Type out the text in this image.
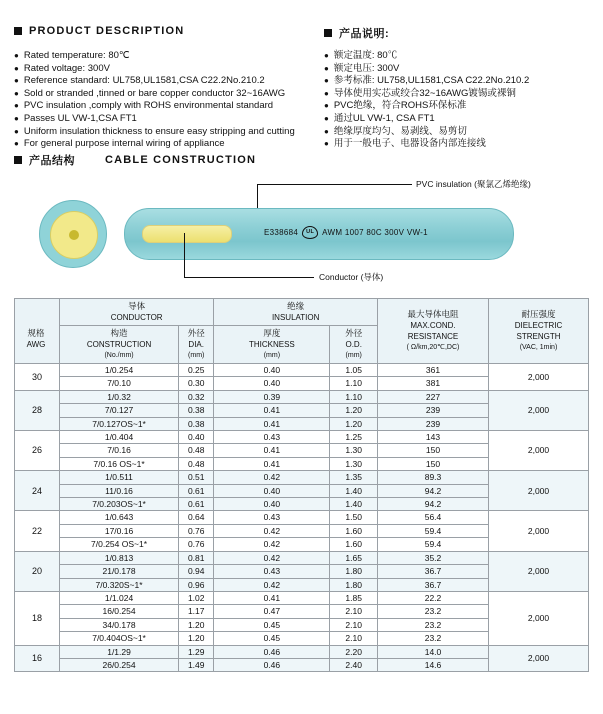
PRODUCT DESCRIPTION	产品说明:
● Rated temperature: 80℃
● Rated voltage: 300V
● Reference standard: UL758,UL1581,CSA C22.2No.210.2
● Sold or stranded ,tinned or bare copper conductor 32~16AWG
● PVC insulation ,comply with ROHS environmental standard
● Passes UL VW-1,CSA FT1
● Uniform insulation thickness to ensure easy stripping and cutting
● For general purpose internal wiring of appliance
● 额定温度: 80℃
● 额定电压: 300V
● 参考标准: UL758,UL1581,CSA C22.2No.210.2
● 导体使用实芯或绞合32~16AWG镀锡或裸铜
● PVC绝缘，符合ROHS环保标准
● 通过UL VW-1, CSA FT1
● 绝缘厚度均匀、易剥线、易剪切
● 用于一般电子、电器设备内部连接线
产品结构	CABLE CONSTRUCTION
E338684	UL	AWM 1007 80C 300V VW-1
PVC insulation (聚氯乙烯绝缘)
Conductor (导体)

导体
CONDUCTOR

绝缘
INSULATION	最大导体电阻
MAX.COND.
RESISTANCE
( Ω/km,20℃,DC)

耐压强度
DIELECTRIC
STRENGTH
(VAC, 1min)

构造
CONSTRUCTION
(No./mm)

外径
DIA.
(mm)

厚度
THICKNESS
(mm)

外径
O.D.
(mm)

30	1/0.254	0.25	0.40	1.05	361	2,000
	7/0.10	0.30	0.40	1.10	381	
28	1/0.32	0.32	0.39	1.10	227	2,000
	7/0.127	0.38	0.41	1.20	239	
	7/0.127OS~1*	0.38	0.41	1.20	239	
26	1/0.404	0.40	0.43	1.25	143	2,000
	7/0.16	0.48	0.41	1.30	150	
	7/0.16 OS~1*	0.48	0.41	1.30	150	
24	1/0.511	0.51	0.42	1.35	89.3	2,000
	11/0.16	0.61	0.40	1.40	94.2	
	7/0.203OS~1*	0.61	0.40	1.40	94.2	
22	1/0.643	0.64	0.43	1.50	56.4	2,000
	17/0.16	0.76	0.42	1.60	59.4	
	7/0.254 OS~1*	0.76	0.42	1.60	59.4	
20	1/0.813	0.81	0.42	1.65	35.2	2,000
	21/0.178	0.94	0.43	1.80	36.7	
	7/0.320S~1*	0.96	0.42	1.80	36.7	
18	1/1.024	1.02	0.41	1.85	22.2	2,000
	16/0.254	1.17	0.47	2.10	23.2	
	34/0.178	1.20	0.45	2.10	23.2	
	7/0.404OS~1*	1.20	0.45	2.10	23.2	
16	1/1.29	1.29	0.46	2.20	14.0	2,000
	26/0.254	1.49	0.46	2.40	14.6	
规格
AWG
